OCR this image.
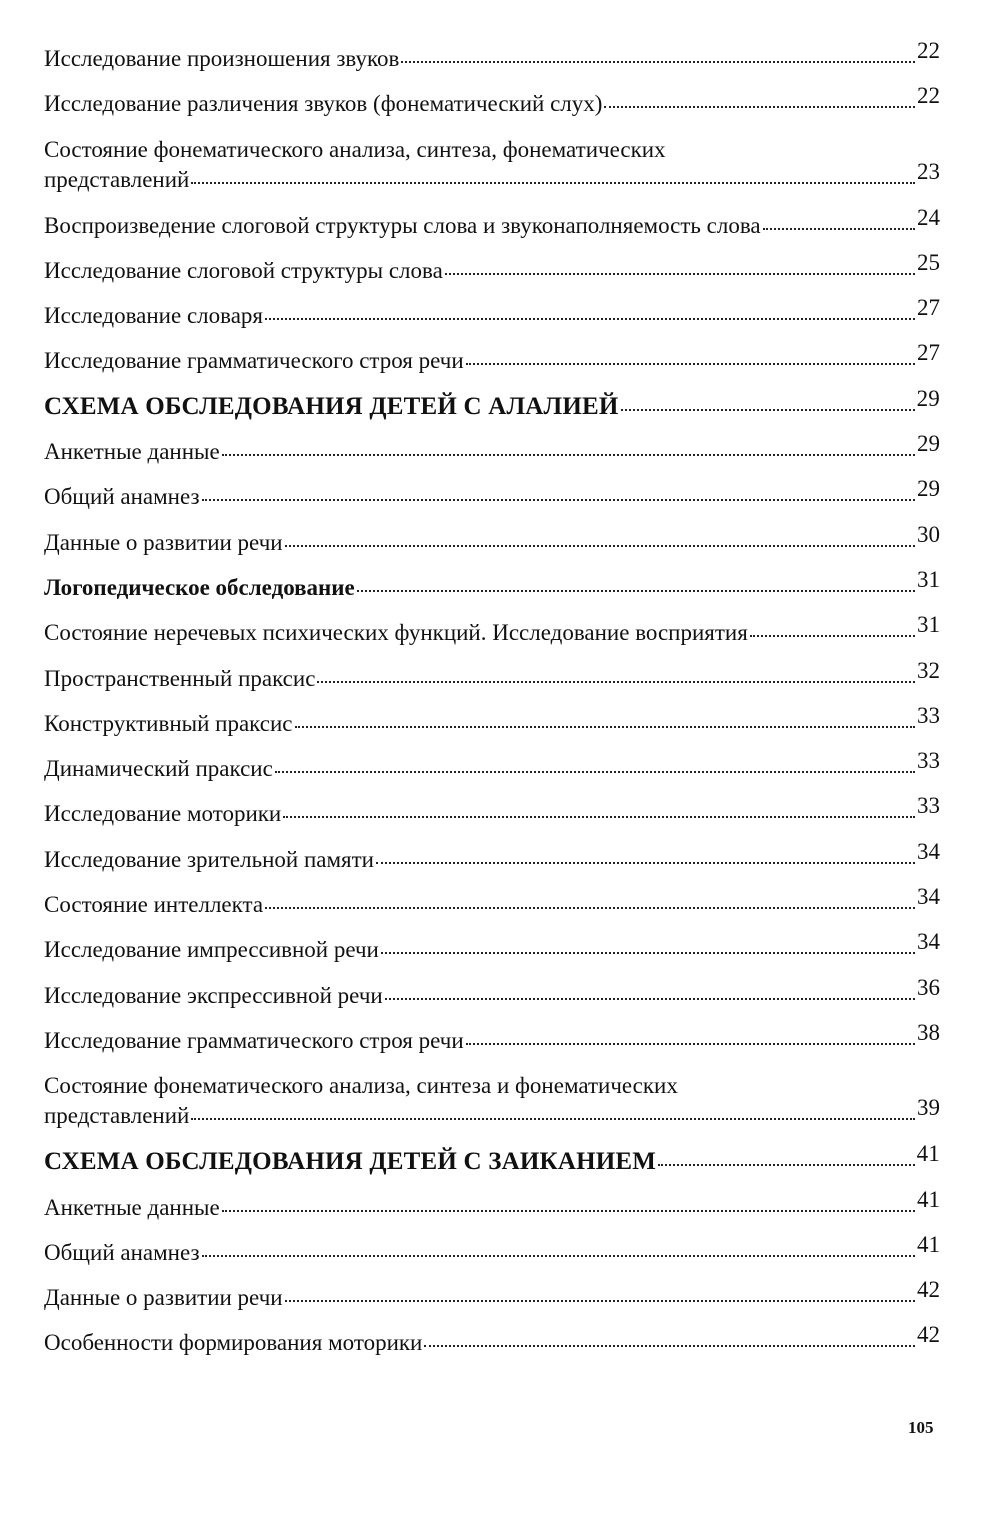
Исследование произношения звуков	22
Исследование различения звуков (фонематический слух)	22
Состояние фонематического анализа, синтеза, фонематических
представлений	23
Воспроизведение слоговой структуры слова и звуконаполняемость слова	24
Исследование слоговой структуры слова	25
Исследование словаря	27
Исследование грамматического строя речи	27
СХЕМА ОБСЛЕДОВАНИЯ ДЕТЕЙ С АЛАЛИЕЙ	29
Анкетные данные	29
Общий анамнез	29
Данные о развитии речи	30
Логопедическое обследование	31
Состояние неречевых психических функций. Исследование восприятия	31
Пространственный праксис	32
Конструктивный праксис	33
Динамический праксис	33
Исследование моторики	33
Исследование зрительной памяти	34
Состояние интеллекта	34
Исследование импрессивной речи	34
Исследование экспрессивной речи	36
Исследование грамматического строя речи	38
Состояние фонематического анализа, синтеза и фонематических
представлений	39
СХЕМА ОБСЛЕДОВАНИЯ ДЕТЕЙ С ЗАИКАНИЕМ	41
Анкетные данные	41
Общий анамнез	41
Данные о развитии речи	42
Особенности формирования моторики	42
105
